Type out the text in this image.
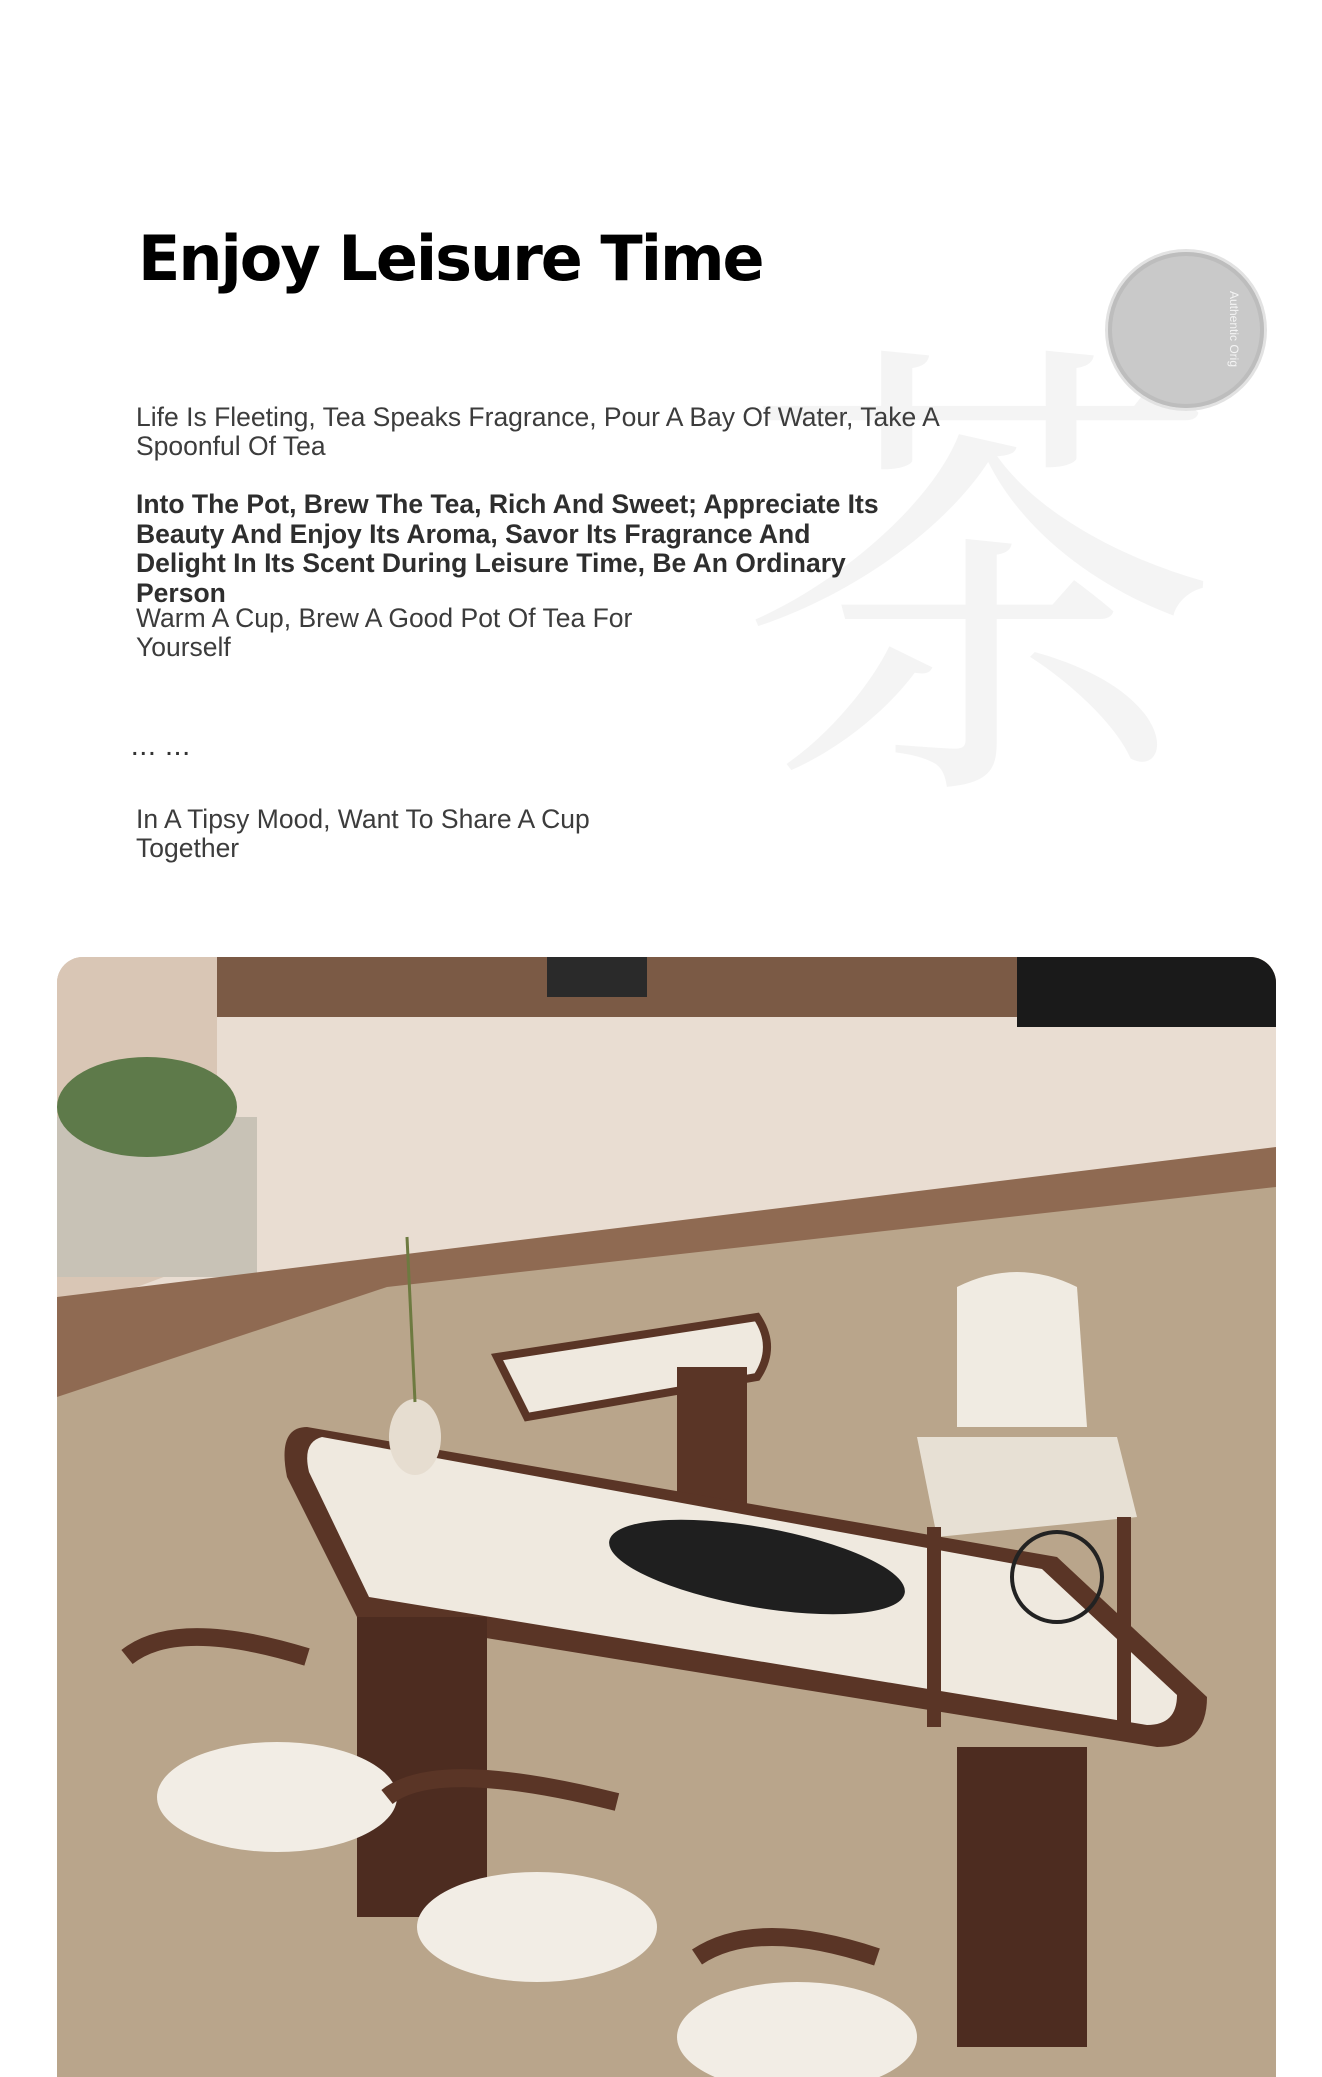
Enjoy Leisure Time
Authentic Orig

Life Is Fleeting, Tea Speaks Fragrance, Pour A Bay Of Water, Take A Spoonful Of Tea

Into The Pot, Brew The Tea, Rich And Sweet; Appreciate Its Beauty And Enjoy Its Aroma, Savor Its Fragrance And Delight In Its Scent During Leisure Time, Be An Ordinary Person

Warm A Cup, Brew A Good Pot Of Tea For Yourself

... ...

In A Tipsy Mood, Want To Share A Cup Together
